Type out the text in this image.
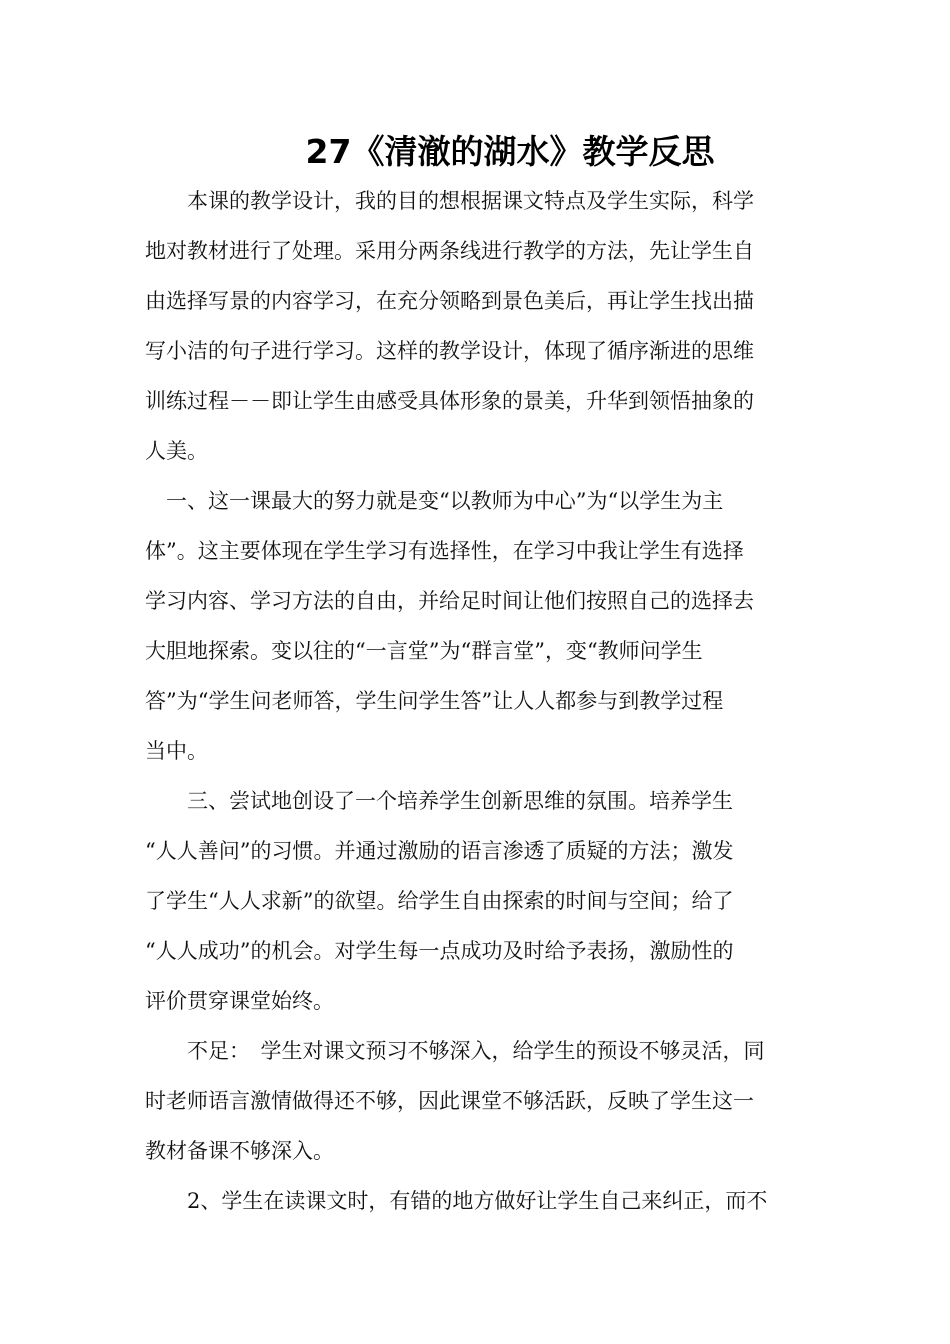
27《清澈的湖水》教学反思
　　本课的教学设计，我的目的想根据课文特点及学生实际，科学
地对教材进行了处理。采用分两条线进行教学的方法，先让学生自
由选择写景的内容学习，在充分领略到景色美后，再让学生找出描
写小洁的句子进行学习。这样的教学设计，体现了循序渐进的思维
训练过程－－即让学生由感受具体形象的景美，升华到领悟抽象的
人美。
　一、这一课最大的努力就是变“以教师为中心”为“以学生为主
体”。这主要体现在学生学习有选择性，在学习中我让学生有选择
学习内容、学习方法的自由，并给足时间让他们按照自己的选择去
大胆地探索。变以往的“一言堂”为“群言堂”，变“教师问学生
答”为“学生问老师答，学生问学生答”让人人都参与到教学过程
当中。
　　三、尝试地创设了一个培养学生创新思维的氛围。培养学生
“人人善问”的习惯。并通过激励的语言渗透了质疑的方法；激发
了学生“人人求新”的欲望。给学生自由探索的时间与空间；给了
“人人成功”的机会。对学生每一点成功及时给予表扬，激励性的
评价贯穿课堂始终。
　　不足：　学生对课文预习不够深入，给学生的预设不够灵活，同
时老师语言激情做得还不够，因此课堂不够活跃，反映了学生这一
教材备课不够深入。
　　2、学生在读课文时，有错的地方做好让学生自己来纠正，而不
